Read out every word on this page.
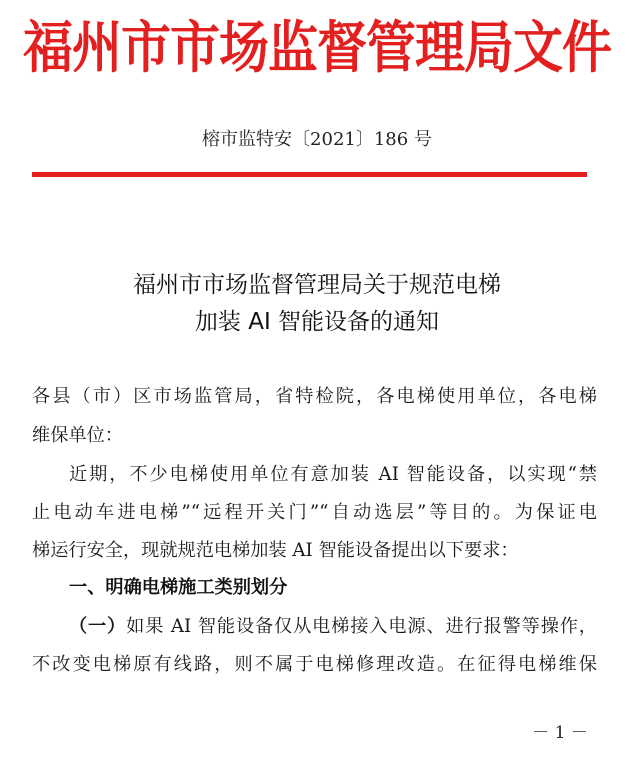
福州市市场监督管理局文件
榕市监特安〔2021〕186 号
福州市市场监督管理局关于规范电梯
加装 AI 智能设备的通知
各县（市）区市场监管局，省特检院，各电梯使用单位，各电梯
维保单位：
近期，不少电梯使用单位有意加装 AI 智能设备，以实现“禁
止电动车进电梯”“远程开关门”“自动选层”等目的。为保证电
梯运行安全，现就规范电梯加装 AI 智能设备提出以下要求：
一、明确电梯施工类别划分
（一）如果 AI 智能设备仅从电梯接入电源、进行报警等操作，
不改变电梯原有线路，则不属于电梯修理改造。在征得电梯维保
－ 1 －
